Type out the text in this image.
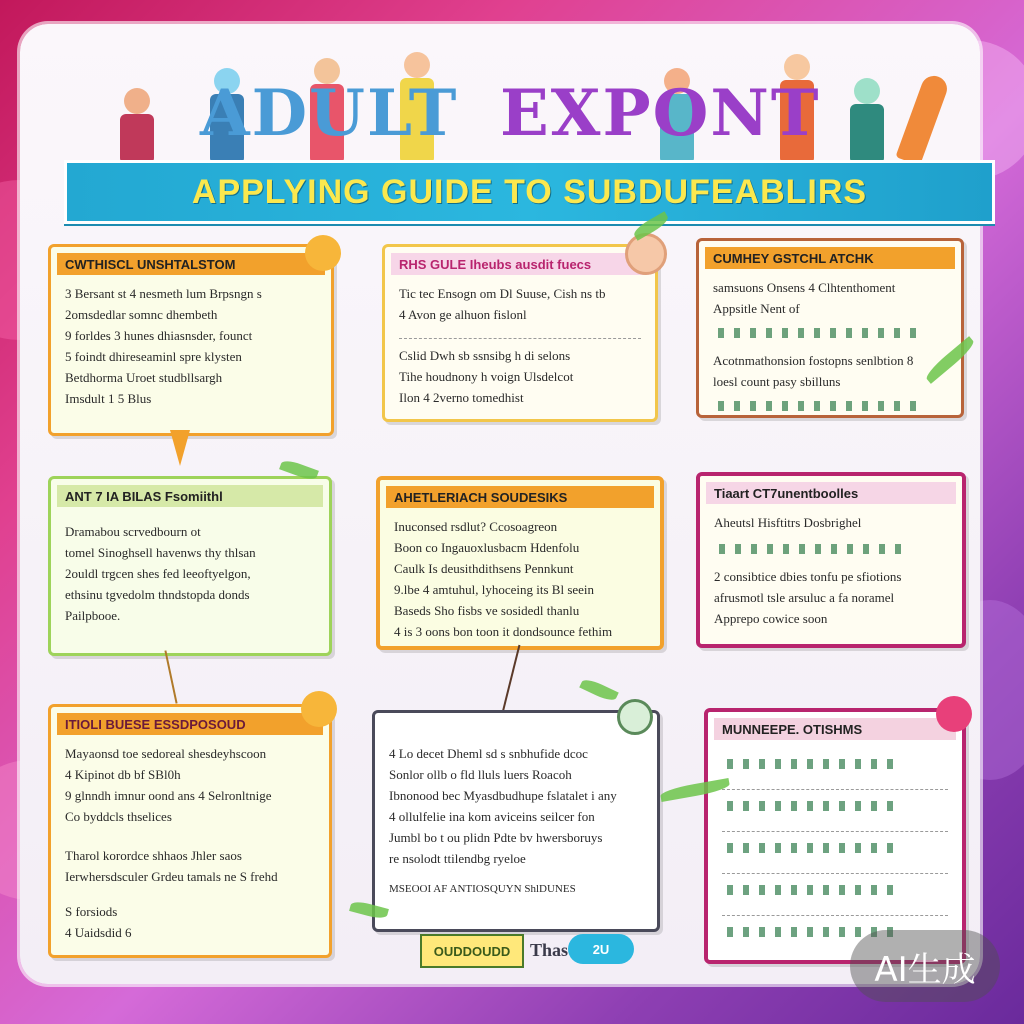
ADULT EXPONT
APPLYING GUIDE TO SUBDUFEABLIRS
CWTHISCL UNSHTALSTOM
3 Bersant st 4 nesmeth lum Brpsngn s
2omsdedlar somnc dhembeth
9 forldes 3 hunes dhiasnsder, founct
5 foindt dhireseaminl spre klysten
Betdhorma Uroet studbllsargh
Imsdult 1 5 Blus
RHS GULE Iheubs ausdit fuecs
Tic tec Ensogn om Dl Suuse, Cish ns tb
4 Avon ge alhuon fislonl
Cslid Dwh sb ssnsibg h di selons
Tihe houdnony h voign Ulsdelcot
Ilon 4 2verno tomedhist
CUMHEY GSTCHL ATCHK
samsuons Onsens 4 Clhtenthoment
Appsitle Nent of
Acotnmathonsion fostopns senlbtion 8
loesl count pasy sbilluns
ANT 7 IA BILAS Fsomiithl
Dramabou scrvedbourn ot
tomel Sinoghsell havenws thy thlsan
2ouldl trgcen shes fed leeoftyelgon,
ethsinu tgvedolm thndstopda donds
Pailpbooe.
AHETLERIACH SOUDESIKS
Inuconsed rsdlut? Ccosoagreon
Boon co Ingauoxlusbacm Hdenfolu
Caulk Is deusithdithsens Pennkunt
9.lbe 4 amtuhul, lyhoceing its Bl seein
Baseds Sho fisbs ve sosidedl thanlu
4 is 3 oons bon toon it dondsounce fethim
Tiaart CT7unentboolles
Aheutsl Hisftitrs Dosbrighel
2 consibtice dbies tonfu pe sfiotions
afrusmotl tsle arsuluc a fa noramel
Apprepo cowice soon
ITIOLI BUESE ESSDPOSOUD
Mayaonsd toe sedoreal shesdeyhscoon
4 Kipinot db bf SBl0h
9 glnndh imnur oond ans 4 Selronltnige
Co byddcls thselices
Tharol korordce shhaos Jhler saos
Ierwhersdsculer Grdeu tamals ne S frehd
S forsiods
4 Uaidsdid 6
4 Lo decet Dheml sd s snbhufide dcoc
Sonlor ollb o fld lluls luers Roacoh
Ibnonood bec Myasdbudhupe fslatalet i any
4 ollulfelie ina kom aviceins seilcer fon
Jumbl bo t ou plidn Pdte bv hwersboruys
re nsolodt ttilendbg ryeloe
MSEOOI AF ANTIOSQUYN ShlDUNES
MUNNEEPE. OTISHMS
OUDDOUDD	Thas	2U
AI生成
